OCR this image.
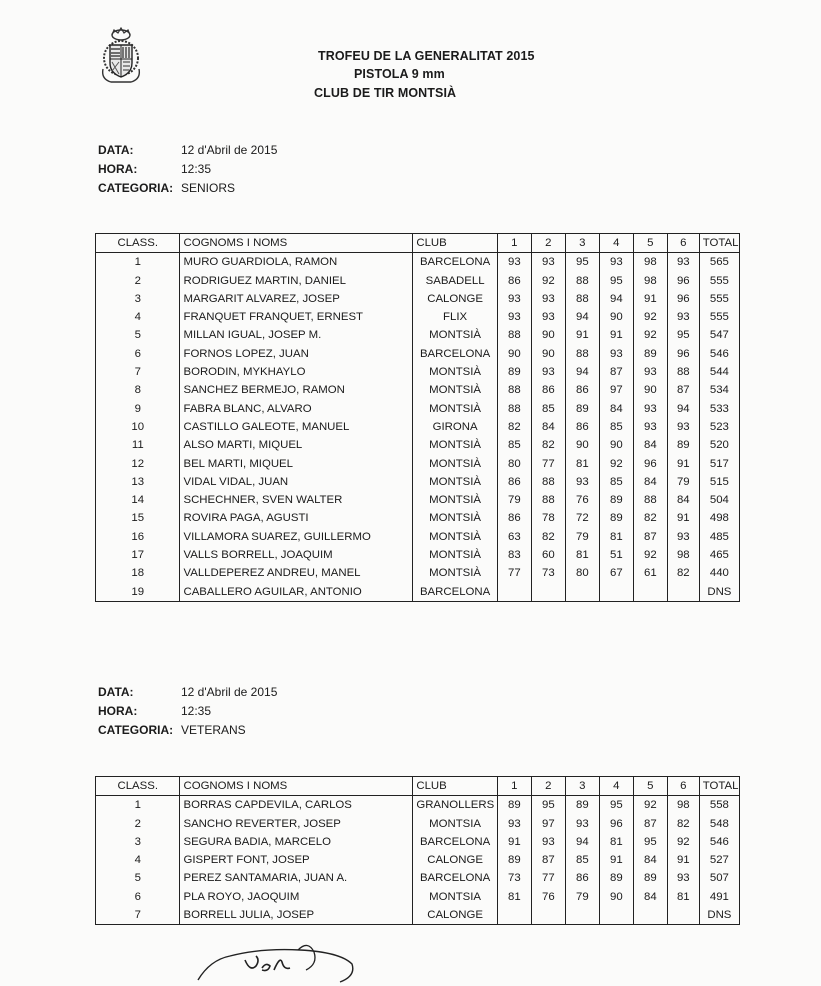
TROFEU DE LA GENERALITAT 2015
PISTOLA 9 mm
CLUB DE TIR MONTSIÀ
DATA:	12 d'Abril de 2015
HORA:	12:35
CATEGORIA: SENIORS
CLASS.	COGNOMS I NOMS	CLUB	1	2	3	4	5	6	TOTAL
1	MURO GUARDIOLA, RAMON	BARCELONA	93	93	95	93	98	93	565
2	RODRIGUEZ MARTIN, DANIEL	SABADELL	86	92	88	95	98	96	555
3	MARGARIT ALVAREZ, JOSEP	CALONGE	93	93	88	94	91	96	555
4	FRANQUET FRANQUET, ERNEST	FLIX	93	93	94	90	92	93	555
5	MILLAN IGUAL, JOSEP M.	MONTSIÀ	88	90	91	91	92	95	547
6	FORNOS LOPEZ, JUAN	BARCELONA	90	90	88	93	89	96	546
7	BORODIN, MYKHAYLO	MONTSIÀ	89	93	94	87	93	88	544
8	SANCHEZ BERMEJO, RAMON	MONTSIÀ	88	86	86	97	90	87	534
9	FABRA BLANC, ALVARO	MONTSIÀ	88	85	89	84	93	94	533
10	CASTILLO GALEOTE, MANUEL	GIRONA	82	84	86	85	93	93	523
11	ALSO MARTI, MIQUEL	MONTSIÀ	85	82	90	90	84	89	520
12	BEL MARTI, MIQUEL	MONTSIÀ	80	77	81	92	96	91	517
13	VIDAL VIDAL, JUAN	MONTSIÀ	86	88	93	85	84	79	515
14	SCHECHNER, SVEN WALTER	MONTSIÀ	79	88	76	89	88	84	504
15	ROVIRA PAGA, AGUSTI	MONTSIÀ	86	78	72	89	82	91	498
16	VILLAMORA SUAREZ, GUILLERMO	MONTSIÀ	63	82	79	81	87	93	485
17	VALLS BORRELL, JOAQUIM	MONTSIÀ	83	60	81	51	92	98	465
18	VALLDEPEREZ ANDREU, MANEL	MONTSIÀ	77	73	80	67	61	82	440
19	CABALLERO AGUILAR, ANTONIO	BARCELONA							DNS
DATA:	12 d'Abril de 2015
HORA:	12:35
CATEGORIA: VETERANS
CLASS.	COGNOMS I NOMS	CLUB	1	2	3	4	5	6	TOTAL
1	BORRAS CAPDEVILA, CARLOS	GRANOLLERS	89	95	89	95	92	98	558
2	SANCHO REVERTER, JOSEP	MONTSIA	93	97	93	96	87	82	548
3	SEGURA BADIA, MARCELO	BARCELONA	91	93	94	81	95	92	546
4	GISPERT FONT, JOSEP	CALONGE	89	87	85	91	84	91	527
5	PEREZ SANTAMARIA, JUAN A.	BARCELONA	73	77	86	89	89	93	507
6	PLA ROYO, JAOQUIM	MONTSIA	81	76	79	90	84	81	491
7	BORRELL JULIA, JOSEP	CALONGE							DNS
